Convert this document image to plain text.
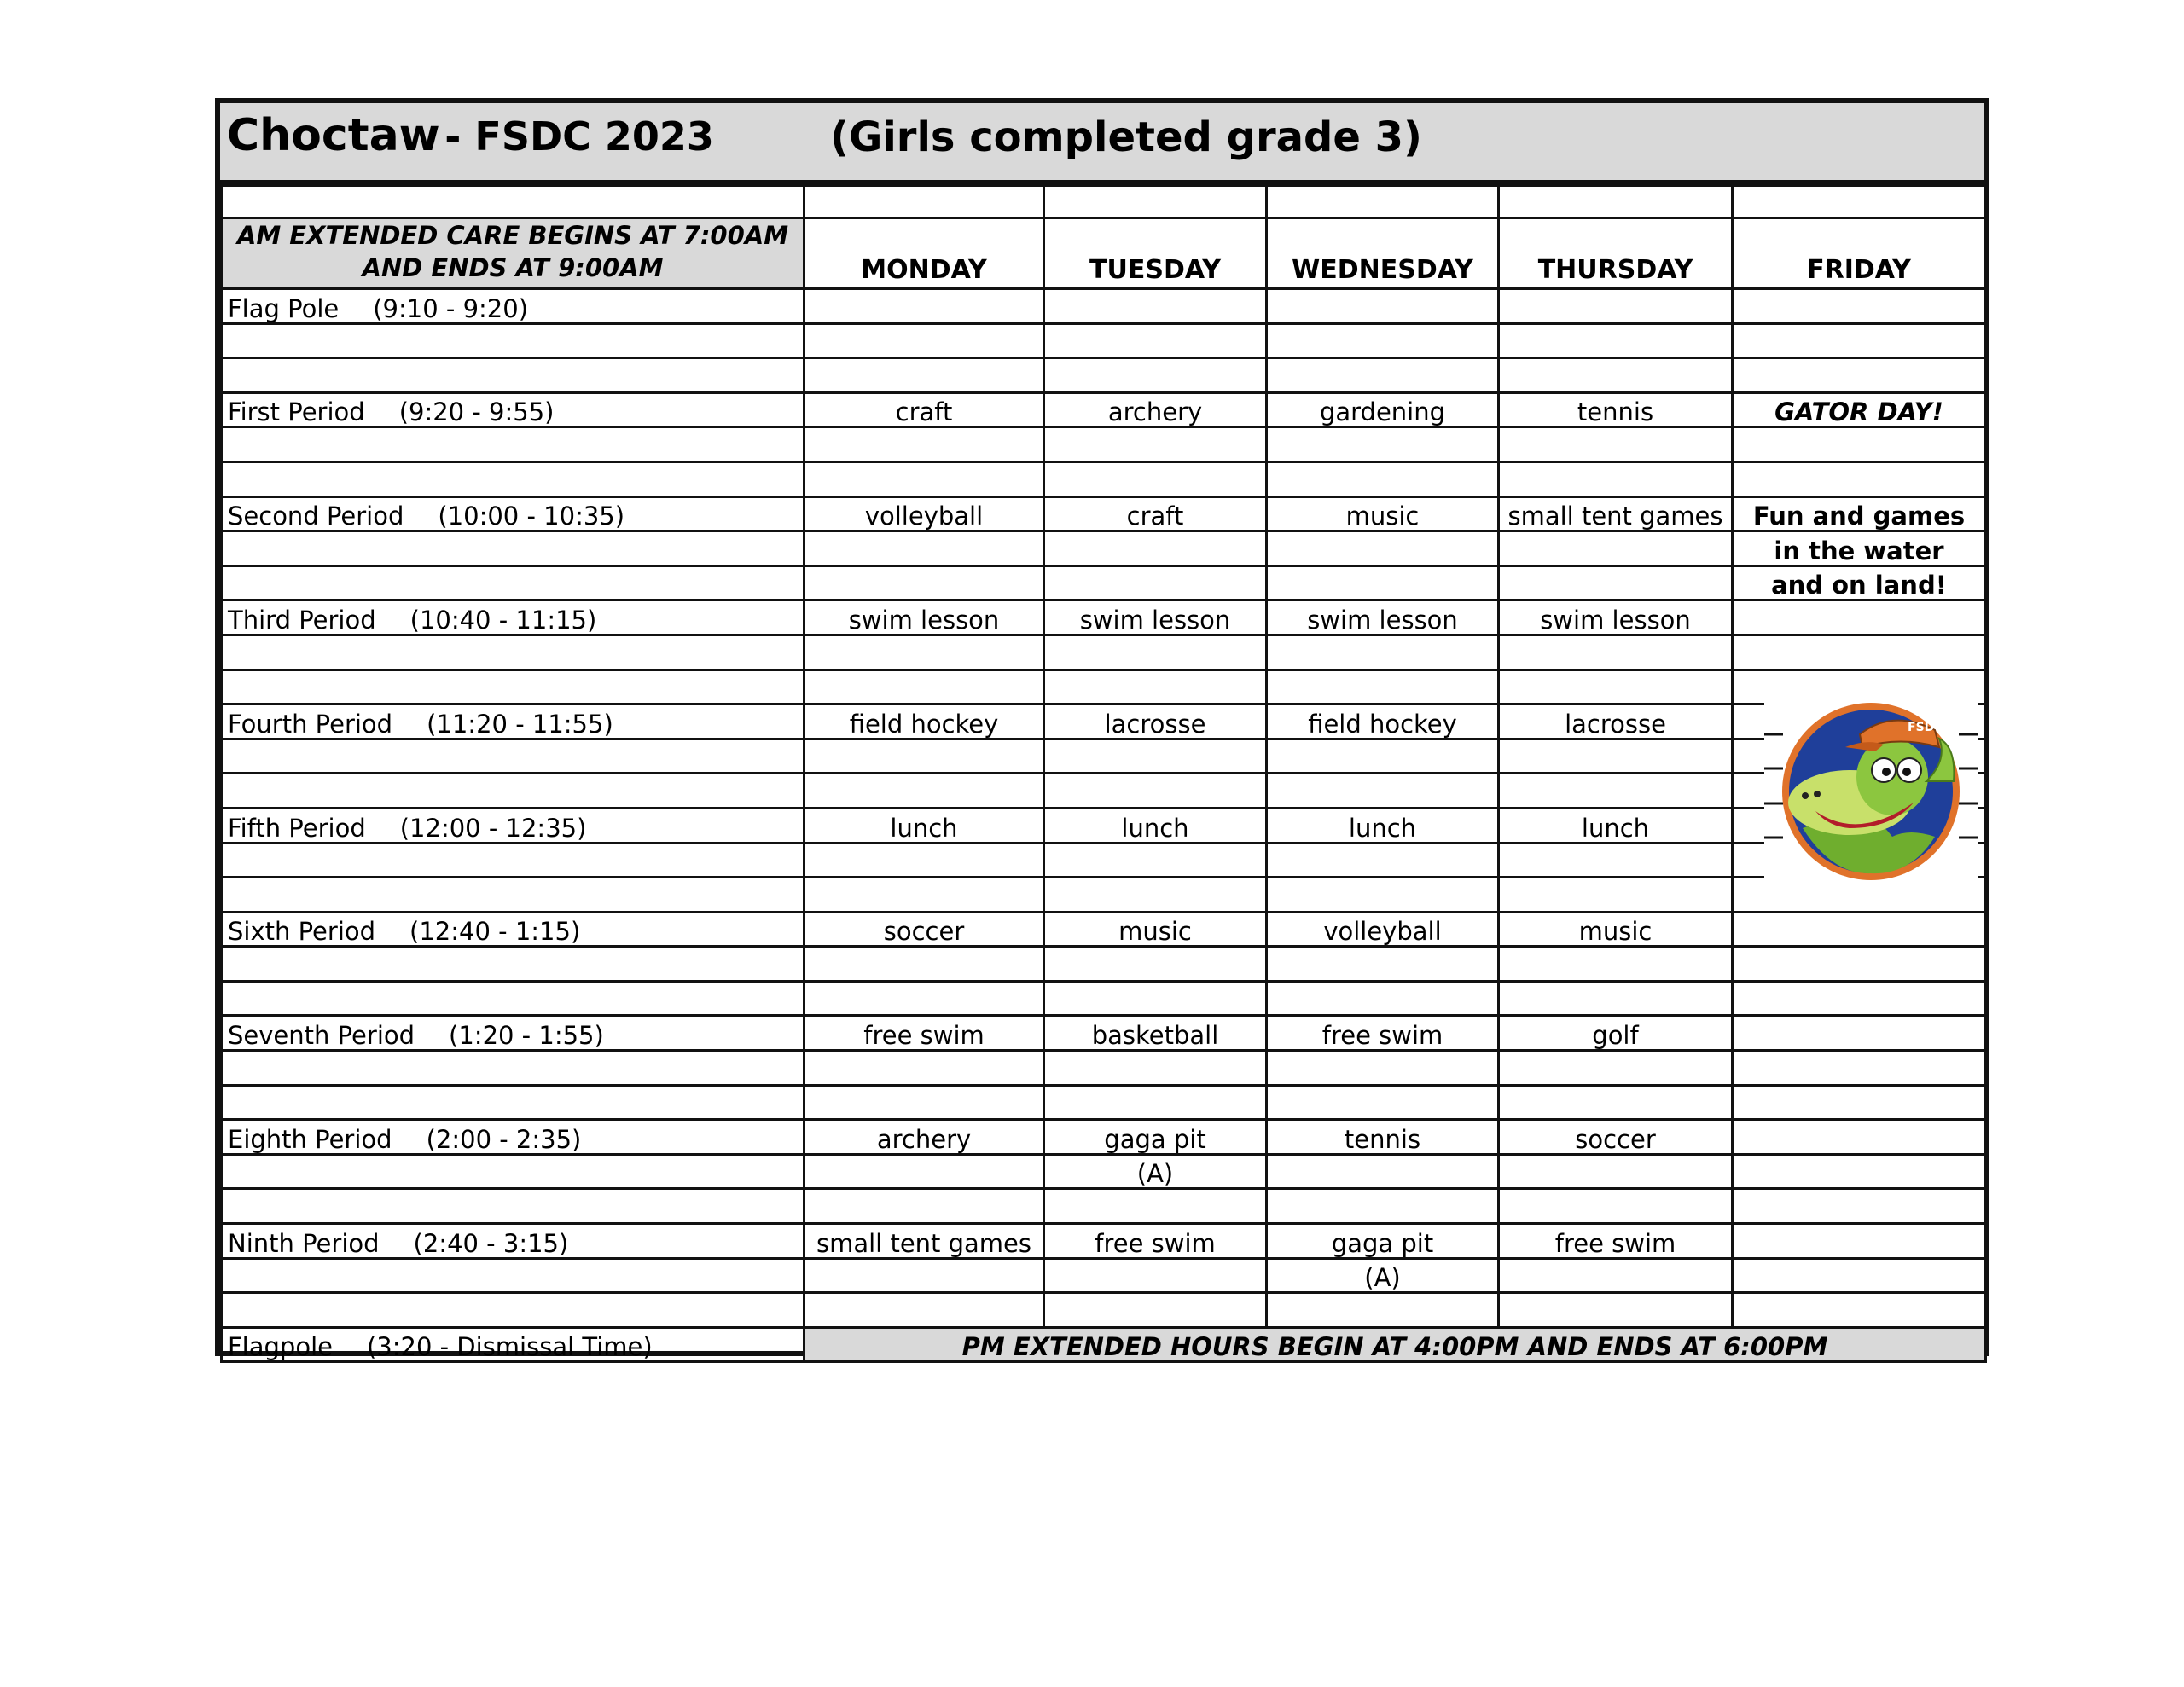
Choctaw - FSDC 2023	(Girls completed grade 3)

AM EXTENDED CARE BEGINS AT 7:00AM AND ENDS AT 9:00AM	MONDAY	TUESDAY	WEDNESDAY	THURSDAY	FRIDAY
Flag Pole (9:10 - 9:20)					

First Period (9:20 - 9:55)	craft	archery	gardening	tennis	GATOR DAY!

Second Period (10:00 - 10:35)	volleyball	craft	music	small tent games	Fun and games
					in the water
					and on land!
Third Period (10:40 - 11:15)	swim lesson	swim lesson	swim lesson	swim lesson	

Fourth Period (11:20 - 11:55)	field hockey	lacrosse	field hockey	lacrosse	

Fifth Period (12:00 - 12:35)	lunch	lunch	lunch	lunch	

Sixth Period (12:40 - 1:15)	soccer	music	volleyball	music	

Seventh Period (1:20 - 1:55)	free swim	basketball	free swim	golf	

Eighth Period (2:00 - 2:35)	archery	gaga pit	tennis	soccer	
		(A)			

Ninth Period (2:40 - 3:15)	small tent games	free swim	gaga pit	free swim	
			(A)		

Flagpole (3:20 - Dismissal Time)	PM EXTENDED HOURS BEGIN AT 4:00PM AND ENDS AT 6:00PM				
FSDC
